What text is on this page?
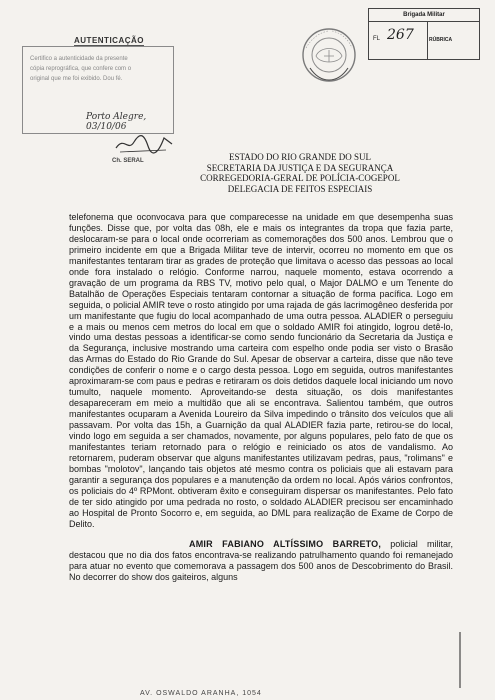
AUTENTICAÇÃO
Certifico a autenticidade da presente
cópia reprográfica, que confere com o
original que me foi exibido. Dou fé.
Porto Alegre, 03/10/06
Ch. SERAL
Brigada Militar
FL 267	RÚBRICA
ESTADO DO RIO GRANDE DO SUL
SECRETARIA DA JUSTIÇA E DA SEGURANÇA
CORREGEDORIA-GERAL DE POLÍCIA-COGEPOL
DELEGACIA DE FEITOS ESPECIAIS

telefonema que oconvocava para que comparecesse na unidade em que desempenha suas funções. Disse que, por volta das 08h, ele e mais os integrantes da tropa que fazia parte, deslocaram-se para o local onde ocorreriam as comemorações dos 500 anos. Lembrou que o primeiro incidente em que a Brigada Militar teve de intervir, ocorreu no momento em que os manifestantes tentaram tirar as grades de proteção que limitava o acesso das pessoas ao local onde fora instalado o relógio. Conforme narrou, naquele momento, estava ocorrendo a gravação de um programa da RBS TV, motivo pelo qual, o Major DALMO e um Tenente do Batalhão de Operações Especiais tentaram contornar a situação de forma pacífica. Logo em seguida, o policial AMIR teve o rosto atingido por uma rajada de gás lacrimogêneo desferida por um manifestante que fugiu do local acompanhado de uma outra pessoa. ALADIER o perseguiu e a mais ou menos cem metros do local em que o soldado AMIR foi atingido, logrou detê-lo, vindo uma destas pessoas a identificar-se como sendo funcionário da Secretaria da Justiça e da Segurança, inclusive mostrando uma carteira com espelho onde podia ser visto o Brasão das Armas do Estado do Rio Grande do Sul. Apesar de observar a carteira, disse que não teve condições de conferir o nome e o cargo desta pessoa. Logo em seguida, outros manifestantes aproximaram-se com paus e pedras e retiraram os dois detidos daquele local iniciando um novo tumulto, naquele momento. Aproveitando-se desta situação, os dois manifestantes desapareceram em meio a multidão que ali se encontrava. Salientou também, que outros manifestantes ocuparam a Avenida Loureiro da Silva impedindo o trânsito dos veículos que ali passavam. Por volta das 15h, a Guarnição da qual ALADIER fazia parte, retirou-se do local, vindo logo em seguida a ser chamados, novamente, por alguns populares, pelo fato de que os manifestantes teriam retornado para o relógio e reiniciado os atos de vandalismo. Ao retornarem, puderam observar que alguns manifestantes utilizavam pedras, paus, "rolimans" e bombas "molotov", lançando tais objetos até mesmo contra os policiais que ali estavam para garantir a segurança dos populares e a manutenção da ordem no local. Após vários confrontos, os policiais do 4º RPMont. obtiveram êxito e conseguiram dispersar os manifestantes. Pelo fato de ter sido atingido por uma pedrada no rosto, o soldado ALADIER precisou ser encaminhado ao Hospital de Pronto Socorro e, em seguida, ao DML para realização de Exame de Corpo de Delito.

AMIR FABIANO ALTÍSSIMO BARRETO, policial militar, destacou que no dia dos fatos encontrava-se realizando patrulhamento quando foi remanejado para atuar no evento que comemorava a passagem dos 500 anos de Descobrimento do Brasil. No decorrer do show dos gaiteiros, alguns

AV. OSWALDO ARANHA, 1054
